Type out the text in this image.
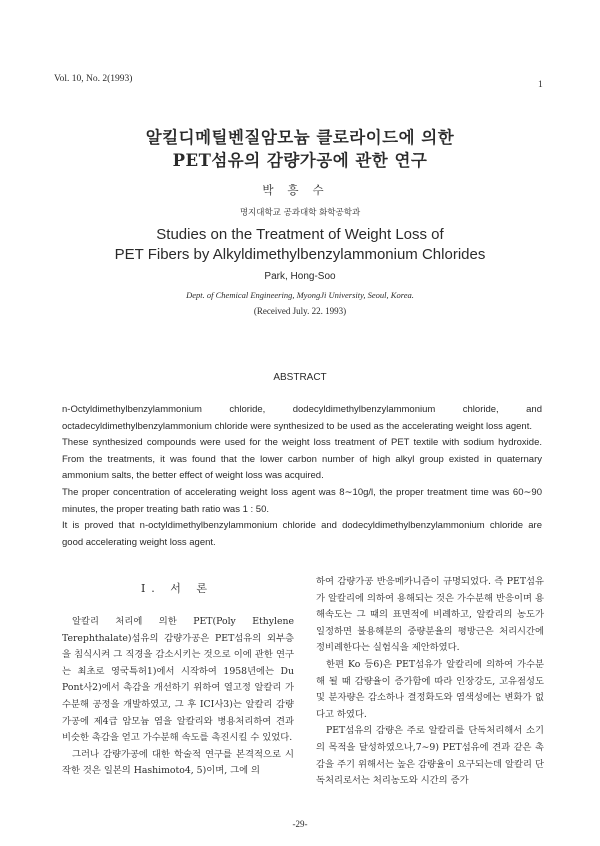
Vol. 10, No. 2(1993)
1
알킬디메틸벤질암모늄 클로라이드에 의한
PET섬유의 감량가공에 관한 연구
박흥수
명지대학교 공과대학 화학공학과
Studies on the Treatment of Weight Loss of
PET Fibers by Alkyldimethylbenzylammonium Chlorides
Park, Hong-Soo
Dept. of Chemical Engineering, MyongJi University, Seoul, Korea.
(Received July. 22. 1993)
ABSTRACT

n-Octyldimethylbenzylammonium chloride, dodecyldimethylbenzylammonium chloride, and octadecyldimethylbenzylammonium chloride were synthesized to be used as the accelerating weight loss agent.

These synthesized compounds were used for the weight loss treatment of PET textile with sodium hydroxide. From the treatments, it was found that the lower carbon number of high alkyl group existed in quaternary ammonium salts, the better effect of weight loss was acquired.

The proper concentration of accelerating weight loss agent was 8∼10g/l, the proper treatment time was 60∼90 minutes, the proper treating bath ratio was 1 : 50.

It is proved that n-octyldimethylbenzylammonium chloride and dodecyldimethylbenzylammonium chloride are good accelerating weight loss agent.

Ⅰ. 서 론

알칼리 처리에 의한 PET(Poly Ethylene Terephthalate)섬유의 감량가공은 PET섬유의 외부층을 침식시켜 그 직경을 감소시키는 것으로 이에 관한 연구는 최초로 영국특허1)에서 시작하여 1958년에는 Du Pont사2)에서 촉감을 개선하기 위하여 열고정 알칼리 가수분해 공정을 개발하였고, 그 후 ICI사3)는 알칼리 감량가공에 제4급 암모늄 염을 알칼리와 병용처리하여 견과 비슷한 촉감을 얻고 가수분해 속도를 촉진시킬 수 있었다.

그러나 감량가공에 대한 학술적 연구를 본격적으로 시작한 것은 일본의 Hashimoto4, 5)이며, 그에 의

하여 감량가공 반응메카니즘이 규명되었다. 즉 PET섬유가 알칼리에 의하여 용해되는 것은 가수분해 반응이며 용해속도는 그 때의 표면적에 비례하고, 알칼리의 농도가 일정하면 불용해분의 중량분율의 평방근은 처리시간에 정비례한다는 실험식을 제안하였다.

한편 Ko 등6)은 PET섬유가 알칼리에 의하여 가수분해 될 때 감량율이 증가함에 따라 인장강도, 고유점성도 및 분자량은 감소하나 결정화도와 염색성에는 변화가 없다고 하였다.

PET섬유의 감량은 주로 알칼리를 단독처리해서 소기의 목적을 달성하였으나,7∼9) PET섬유에 견과 같은 촉감을 주기 위해서는 높은 감량율이 요구되는데 알칼리 단독처리로서는 처리농도와 시간의 증가

-29-
